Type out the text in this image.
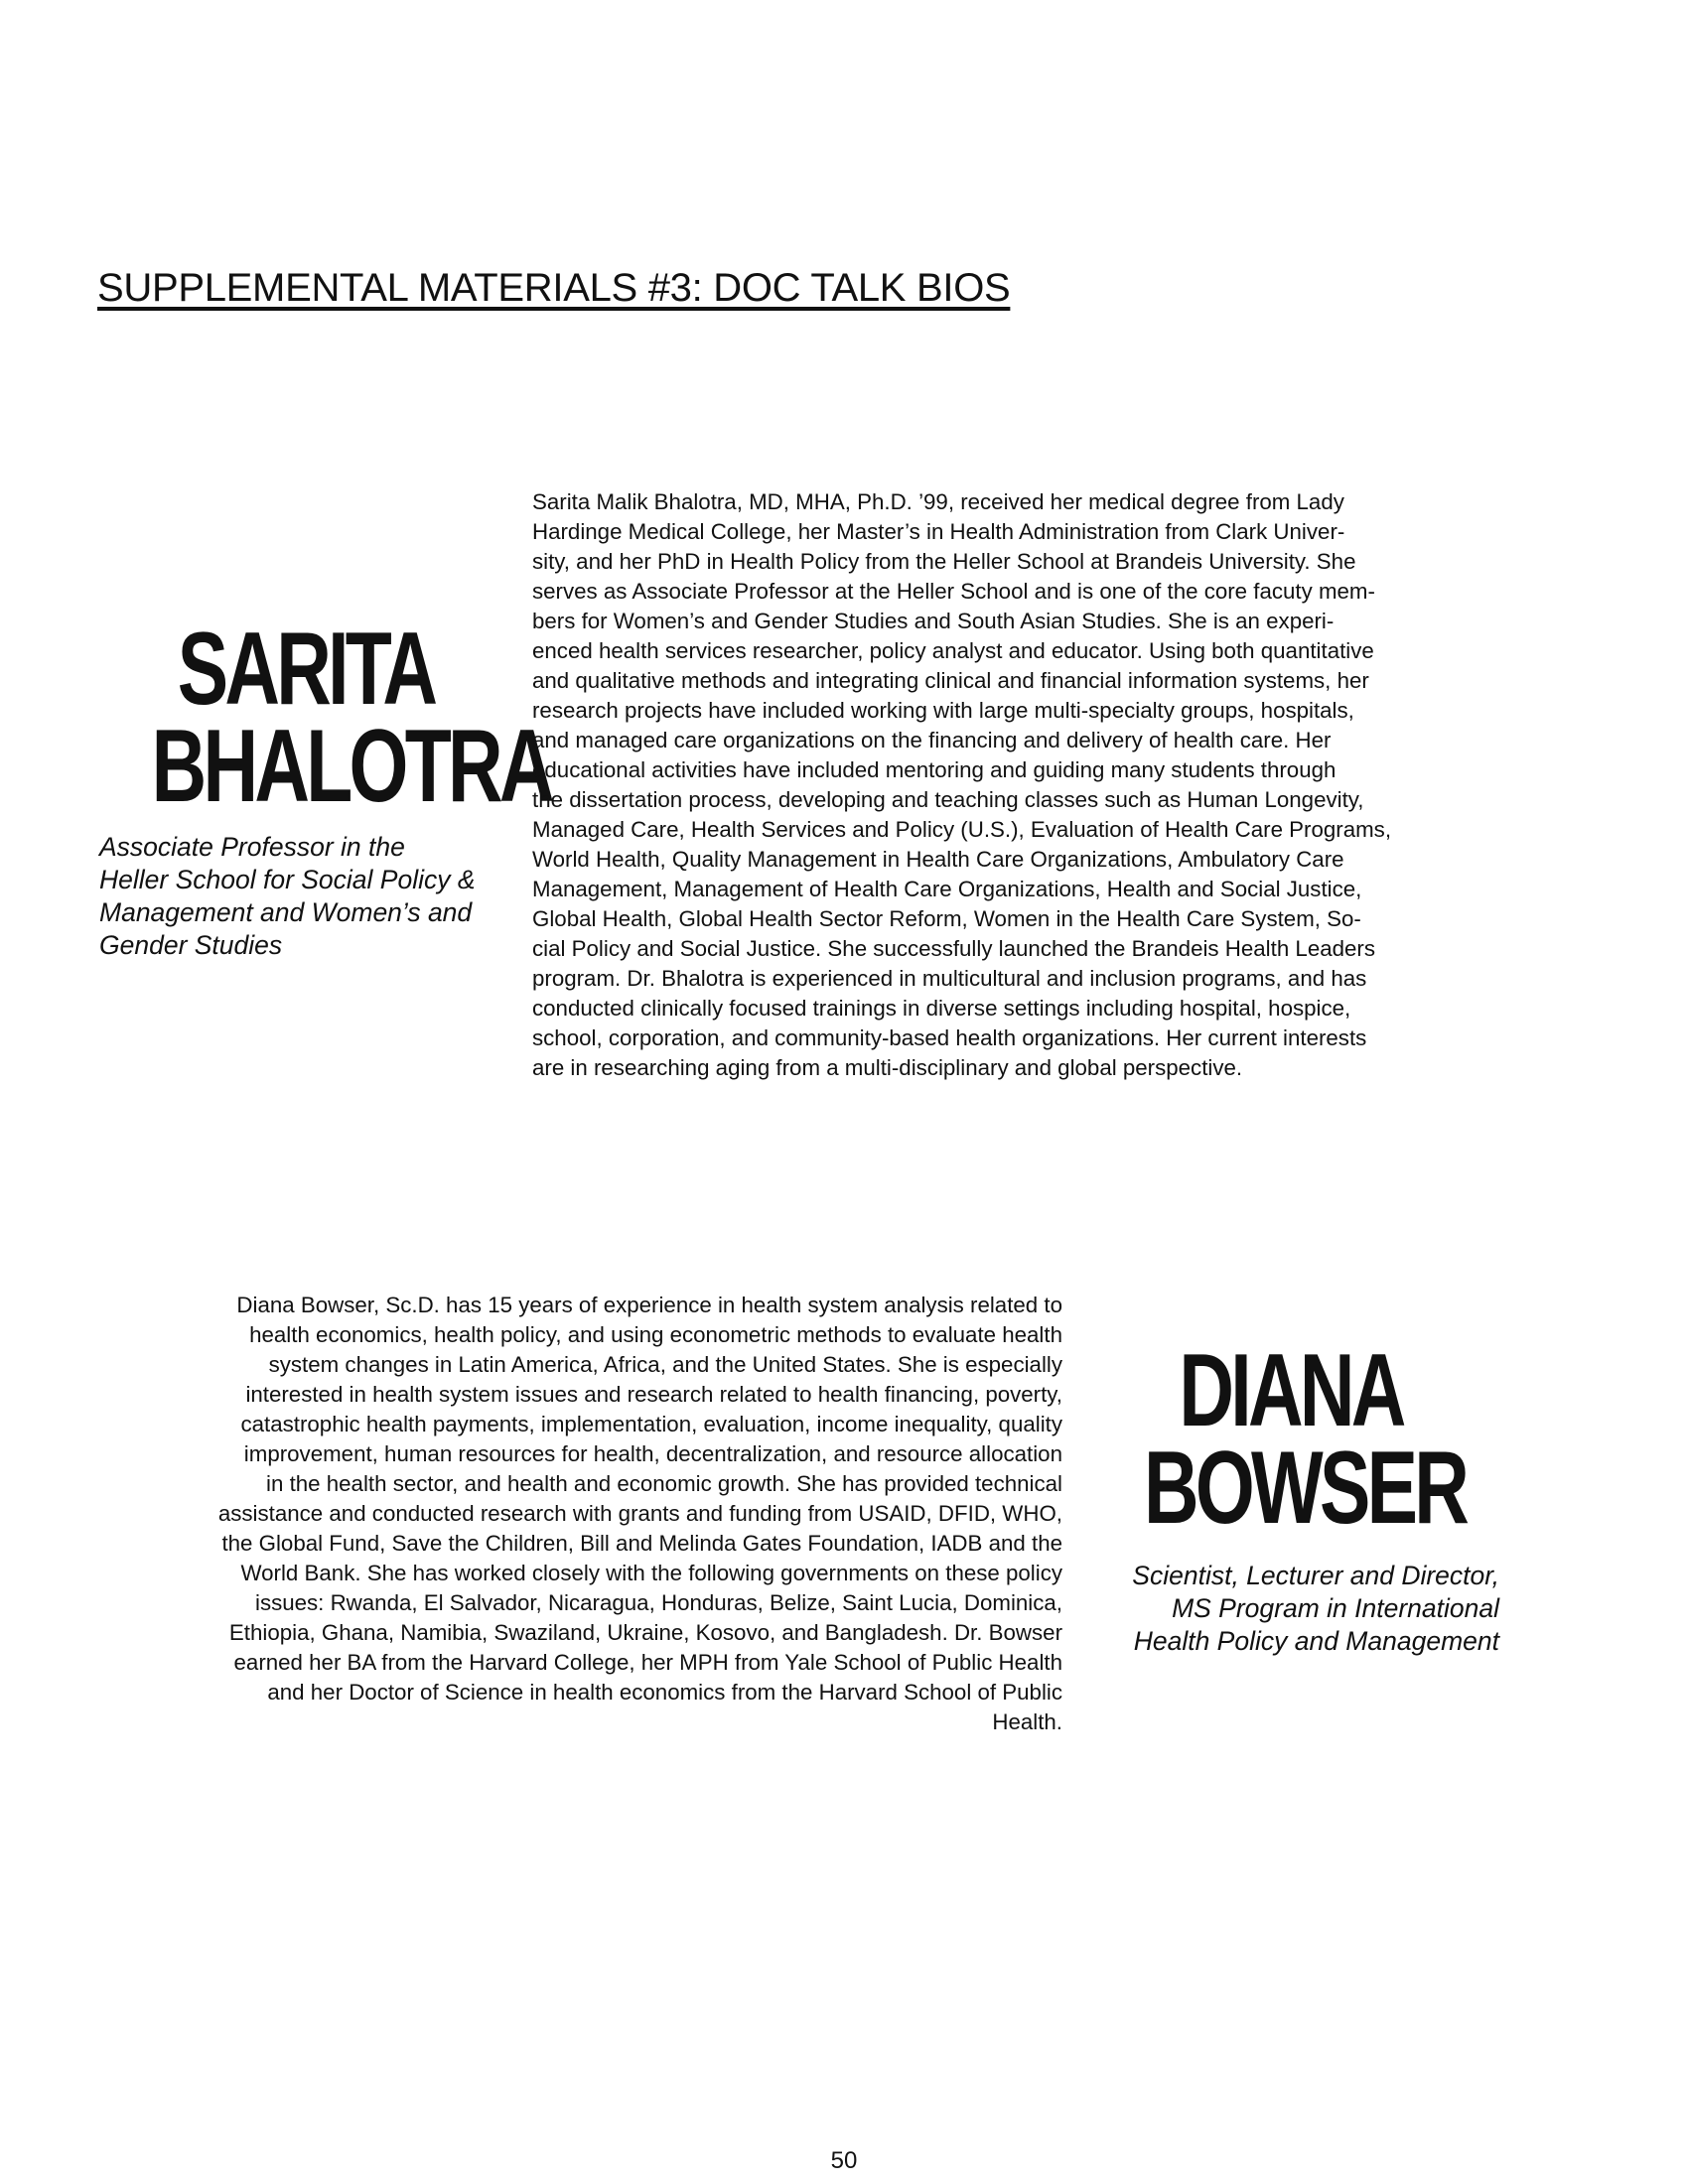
SUPPLEMENTAL MATERIALS #3: DOC TALK BIOS
SARITA
BHALOTRA
Associate Professor in the
Heller School for Social Policy &
Management and Women’s and
Gender Studies
Sarita Malik Bhalotra, MD, MHA, Ph.D. ’99, received her medical degree from Lady
Hardinge Medical College, her Master’s in Health Administration from Clark Univer-
sity, and her PhD in Health Policy from the Heller School at Brandeis University. She
serves as Associate Professor at the Heller School and is one of the core facuty mem-
bers for Women’s and Gender Studies and South Asian Studies. She is an experi-
enced health services researcher, policy analyst and educator. Using both quantitative
and qualitative methods and integrating clinical and financial information systems, her
research projects have included working with large multi-specialty groups, hospitals,
and managed care organizations on the financing and delivery of health care. Her
educational activities have included mentoring and guiding many students through
the dissertation process, developing and teaching classes such as Human Longevity,
Managed Care, Health Services and Policy (U.S.), Evaluation of Health Care Programs,
World Health, Quality Management in Health Care Organizations, Ambulatory Care
Management, Management of Health Care Organizations, Health and Social Justice,
Global Health, Global Health Sector Reform, Women in the Health Care System, So-
cial Policy and Social Justice. She successfully launched the Brandeis Health Leaders
program. Dr. Bhalotra is experienced in multicultural and inclusion programs, and has
conducted clinically focused trainings in diverse settings including hospital, hospice,
school, corporation, and community-based health organizations. Her current interests
are in researching aging from a multi-disciplinary and global perspective.
Diana Bowser, Sc.D. has 15 years of experience in health system analysis related to
health economics, health policy, and using econometric methods to evaluate health
system changes in Latin America, Africa, and the United States. She is especially
interested in health system issues and research related to health financing, poverty,
catastrophic health payments, implementation, evaluation, income inequality, quality
improvement, human resources for health, decentralization, and resource allocation
in the health sector, and health and economic growth. She has provided technical
assistance and conducted research with grants and funding from USAID, DFID, WHO,
the Global Fund, Save the Children, Bill and Melinda Gates Foundation, IADB and the
World Bank. She has worked closely with the following governments on these policy
issues: Rwanda, El Salvador, Nicaragua, Honduras, Belize, Saint Lucia, Dominica,
Ethiopia, Ghana, Namibia, Swaziland, Ukraine, Kosovo, and Bangladesh. Dr. Bowser
earned her BA from the Harvard College, her MPH from Yale School of Public Health
and her Doctor of Science in health economics from the Harvard School of Public
Health.
DIANA
BOWSER
Scientist, Lecturer and Director,
MS Program in International
Health Policy and Management
50
